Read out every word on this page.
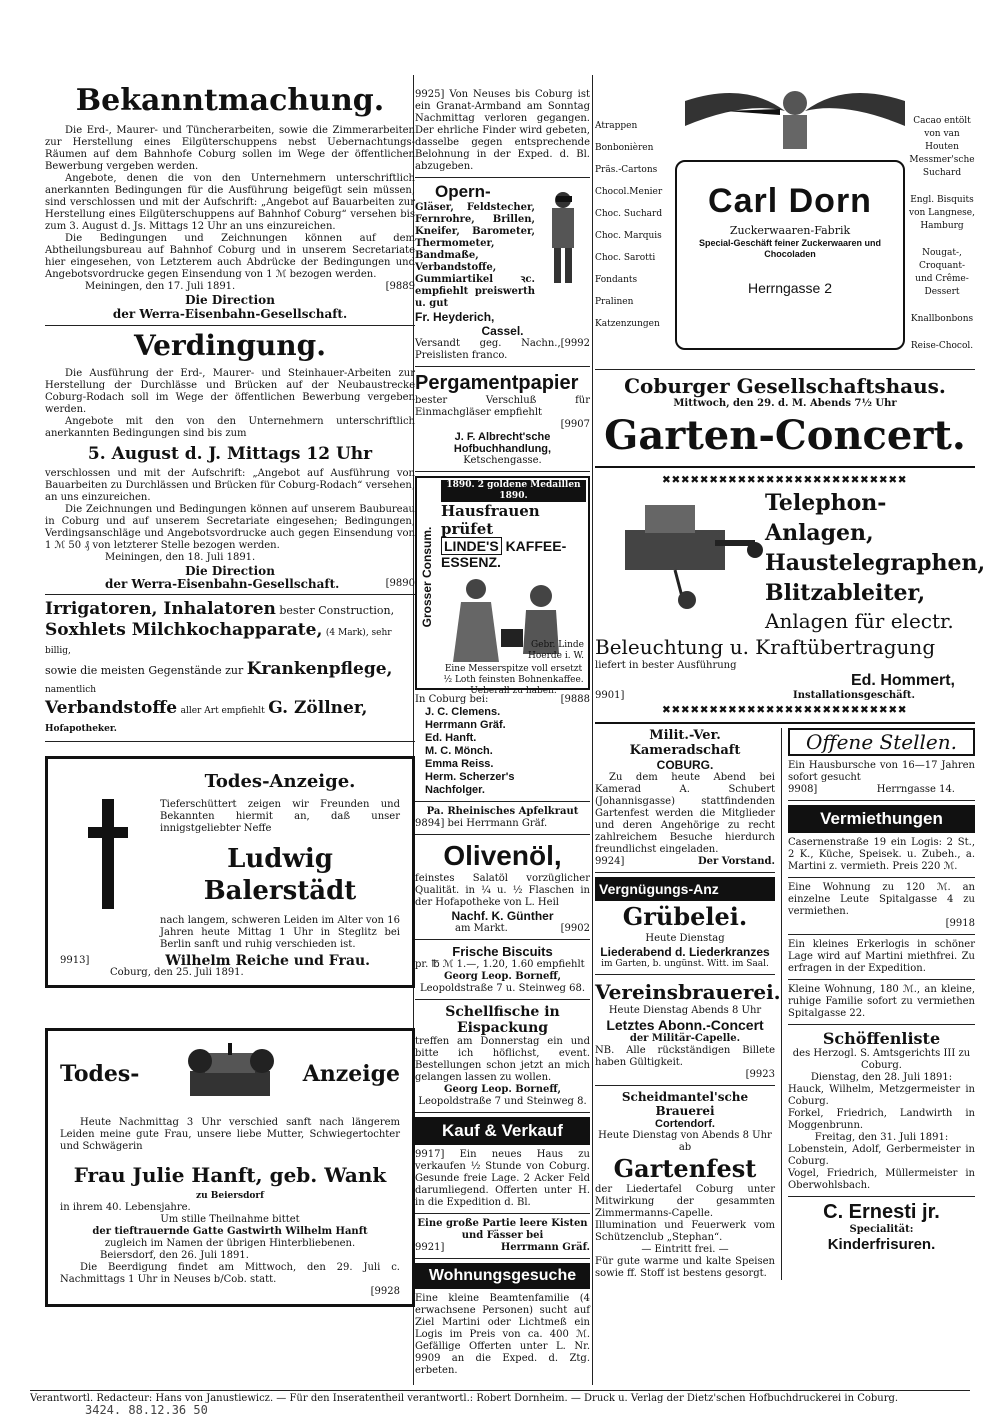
Bekanntmachung.

Die Erd-, Maurer- und Tüncherarbeiten, sowie die Zimmerarbeiten zur Herstellung eines Eilgüterschuppens nebst Uebernachtungs-Räumen auf dem Bahnhofe Coburg sollen im Wege der öffentlichen Bewerbung vergeben werden.

Angebote, denen die von den Unternehmern unterschriftlich anerkannten Bedingungen für die Ausführung beigefügt sein müssen, sind verschlossen und mit der Aufschrift: „Angebot auf Bauarbeiten zur Herstellung eines Eilgüterschuppens auf Bahnhof Coburg“ versehen bis zum 3. August d. Js. Mittags 12 Uhr an uns einzureichen.

Die Bedingungen und Zeichnungen können auf dem Abtheilungsbureau auf Bahnhof Coburg und in unserem Secretariate hier eingesehen, von Letzterem auch Abdrücke der Bedingungen und Angebotsvordrucke gegen Einsendung von 1 ℳ bezogen werden.

Meiningen, den 17. Juli 1891.	[9889
Die Direction
der Werra-Eisenbahn-Gesellschaft.
Verdingung.

Die Ausführung der Erd-, Maurer- und Steinhauer-Arbeiten zur Herstellung der Durchlässe und Brücken auf der Neubaustrecke Coburg-Rodach soll im Wege der öffentlichen Bewerbung vergeben werden.

Angebote mit den von den Unternehmern unterschriftlich anerkannten Bedingungen sind bis zum

5. August d. J. Mittags 12 Uhr

verschlossen und mit der Aufschrift: „Angebot auf Ausführung von Bauarbeiten zu Durchlässen und Brücken für Coburg-Rodach“ versehen, an uns einzureichen.

Die Zeichnungen und Bedingungen können auf unserem Baubureau in Coburg und auf unserem Secretariate eingesehen; Bedingungen, Verdingsanschläge und Angebotsvordrucke auch gegen Einsendung von 1 ℳ 50 ₰ von letzterer Stelle bezogen werden.

Meiningen, den 18. Juli 1891.
Die Direction
der Werra-Eisenbahn-Gesellschaft.	[9890
Irrigatoren, Inhalatoren bester Construction,
Soxhlets Milchkochapparate, (4 Mark), sehr billig,
sowie die meisten Gegenstände zur Krankenpflege, namentlich
Verbandstoffe aller Art empfiehlt G. Zöllner, Hofapotheker.
Todes-Anzeige.

Tieferschüttert zeigen wir Freunden und Bekannten hiermit an, daß unser innigstgeliebter Neffe

Ludwig Balerstädt

nach langem, schweren Leiden im Alter von 16 Jahren heute Mittag 1 Uhr in Steglitz bei Berlin sanft und ruhig verschieden ist.

9913]	Wilhelm Reiche und Frau.
Coburg, den 25. Juli 1891.
Todes-	Anzeige

Heute Nachmittag 3 Uhr verschied sanft nach längerem Leiden meine gute Frau, unsere liebe Mutter, Schwiegertochter und Schwägerin

Frau Julie Hanft, geb. Wank
zu Beiersdorf

in ihrem 40. Lebensjahre.

Um stille Theilnahme bittet

der tieftrauernde Gatte Gastwirth Wilhelm Hanft

zugleich im Namen der übrigen Hinterbliebenen.

Beiersdorf, den 26. Juli 1891.

Die Beerdigung findet am Mittwoch, den 29. Juli c. Nachmittags 1 Uhr in Neuses b/Cob. statt.

[9928

9925] Von Neuses bis Coburg ist ein Granat-Armband am Sonntag Nachmittag verloren gegangen. Der ehrliche Finder wird gebeten, dasselbe gegen entsprechende Belohnung in der Exped. d. Bl. abzugeben.

Opern-

Gläser, Feldstecher, Fernrohre, Brillen, Kneifer, Barometer, Thermometer, Bandmaße, Verbandstoffe, Gummiartikel ꝛc. empfiehlt preiswerth u. gut

Fr. Heyderich,
Cassel.
Versandt geg. Nachn., Preislisten franco.
[9992
Pergamentpapier

bester Verschluß für Einmachgläser empfiehlt

[9907
J. F. Albrecht'sche Hofbuchhandlung,
Ketschengasse.
Grosser Consum.
1890. 2 goldene Medaillen 1890.
Hausfrauen prüfet
LINDE'S KAFFEE-ESSENZ.
Gebr. Linde Hoerde i. W.
Eine Messerspitze voll ersetzt ½ Loth feinsten Bohnenkaffee. Ueberall zu haben.
In Coburg bei:	[9888
J. C. Clemens.
Herrmann Gräf.
Ed. Hanft.
M. C. Mönch.
Emma Reiss.
Herm. Scherzer's
Nachfolger.
Pa. Rheinisches Apfelkraut
9894] bei Herrmann Gräf.
Olivenöl,

feinstes Salatöl vorzüglicher Qualität. in ¼ u. ½ Flaschen in der Hofapotheke von L. Heil

Nachf. K. Günther
am Markt.	[9902
Frische Biscuits
pr. ℔ ℳ 1.—, 1.20, 1.60 empfiehlt
Georg Leop. Borneff,
Leopoldstraße 7 u. Steinweg 68.
Schellfische in Eispackung

treffen am Donnerstag ein und bitte ich höflichst, event. Bestellungen schon jetzt an mich gelangen lassen zu wollen.

Georg Leop. Borneff,
Leopoldstraße 7 und Steinweg 8.
Kauf & Verkauf

9917] Ein neues Haus zu verkaufen ½ Stunde von Coburg. Gesunde freie Lage. 2 Acker Feld darumliegend. Offerten unter H. in die Expedition d. Bl.

Eine große Partie leere Kisten und Fässer bei

9921]	Herrmann Gräf.
Wohnungsgesuche

Eine kleine Beamtenfamilie (4 erwachsene Personen) sucht auf Ziel Martini oder Lichtmeß ein Logis im Preis von ca. 400 ℳ. Gefällige Offerten unter L. Nr. 9909 an die Exped. d. Ztg. erbeten.

Atrappen
Bonbonièren
Präs.-Cartons
Chocol.Menier
Choc. Suchard
Choc. Marquis
Choc. Sarotti
Fondants
Pralinen
Katzenzungen
Carl Dorn
Zuckerwaaren-Fabrik
Special-Geschäft feiner Zuckerwaaren und Chocoladen
Herrngasse 2
Cacao entölt von van Houten Messmer'sche Suchard
Engl. Bisquits von Langnese, Hamburg
Nougat-, Croquant- und Crême-Dessert
Knallbonbons
Reise-Chocol.
Coburger Gesellschaftshaus.
Mittwoch, den 29. d. M. Abends 7½ Uhr
Garten-Concert.
✖✖✖✖✖✖✖✖✖✖✖✖✖✖✖✖✖✖✖✖✖✖✖✖✖✖
Telephon-Anlagen,
Haustelegraphen,
Blitzableiter,
Anlagen für electr.
Beleuchtung u. Kraftübertragung
liefert in bester Ausführung
Ed. Hommert,
9901]	Installationsgeschäft.
✖✖✖✖✖✖✖✖✖✖✖✖✖✖✖✖✖✖✖✖✖✖✖✖✖✖
Milit.-Ver. Kameradschaft
COBURG.

Zu dem heute Abend bei Kamerad A. Schubert (Johannisgasse) stattfindenden Gartenfest werden die Mitglieder und deren Angehörige zu recht zahlreichem Besuche hierdurch freundlichst eingeladen.

9924]	Der Vorstand.
Vergnügungs-Anz
Grübelei.
Heute Dienstag
Liederabend d. Liederkranzes
im Garten, b. ungünst. Witt. im Saal.
Vereinsbrauerei.
Heute Dienstag Abends 8 Uhr
Letztes Abonn.-Concert
der Militär-Capelle.

NB. Alle rückständigen Billete haben Gültigkeit.

[9923
Scheidmantel'sche Brauerei
Cortendorf.
Heute Dienstag von Abends 8 Uhr ab
Gartenfest

der Liedertafel Coburg unter Mitwirkung der gesammten Zimmermanns-Capelle. Illumination und Feuerwerk vom Schützenclub „Stephan“.

— Eintritt frei. —

Für gute warme und kalte Speisen sowie ff. Stoff ist bestens gesorgt.

Offene Stellen.

Ein Hausbursche von 16—17 Jahren sofort gesucht

9908]	Herrngasse 14.
Vermiethungen

Casernenstraße 19 ein Logis: 2 St., 2 K., Küche, Speisek. u. Zubeh., a. Martini z. vermieth. Preis 220 ℳ.

Eine Wohnung zu 120 ℳ. an einzelne Leute Spitalgasse 4 zu vermiethen.

[9918

Ein kleines Erkerlogis in schöner Lage wird auf Martini miethfrei. Zu erfragen in der Expedition.

Kleine Wohnung, 180 ℳ., an kleine, ruhige Familie sofort zu vermiethen Spitalgasse 22.

Schöffenliste

des Herzogl. S. Amtsgerichts III zu Coburg.

Dienstag, den 28. Juli 1891:

Hauck, Wilhelm, Metzgermeister in Coburg.

Forkel, Friedrich, Landwirth in Moggenbrunn.

Freitag, den 31. Juli 1891:

Lobenstein, Adolf, Gerbermeister in Coburg.

Vogel, Friedrich, Müllermeister in Oberwohlsbach.

C. Ernesti jr.
Specialität:
Kinderfrisuren.
Verantwortl. Redacteur: Hans von Janustiewicz. — Für den Inseratentheil verantwortl.: Robert Dornheim. — Druck u. Verlag der Dietz'schen Hofbuchdruckerei in Coburg.
3424. 88.12.36 50
